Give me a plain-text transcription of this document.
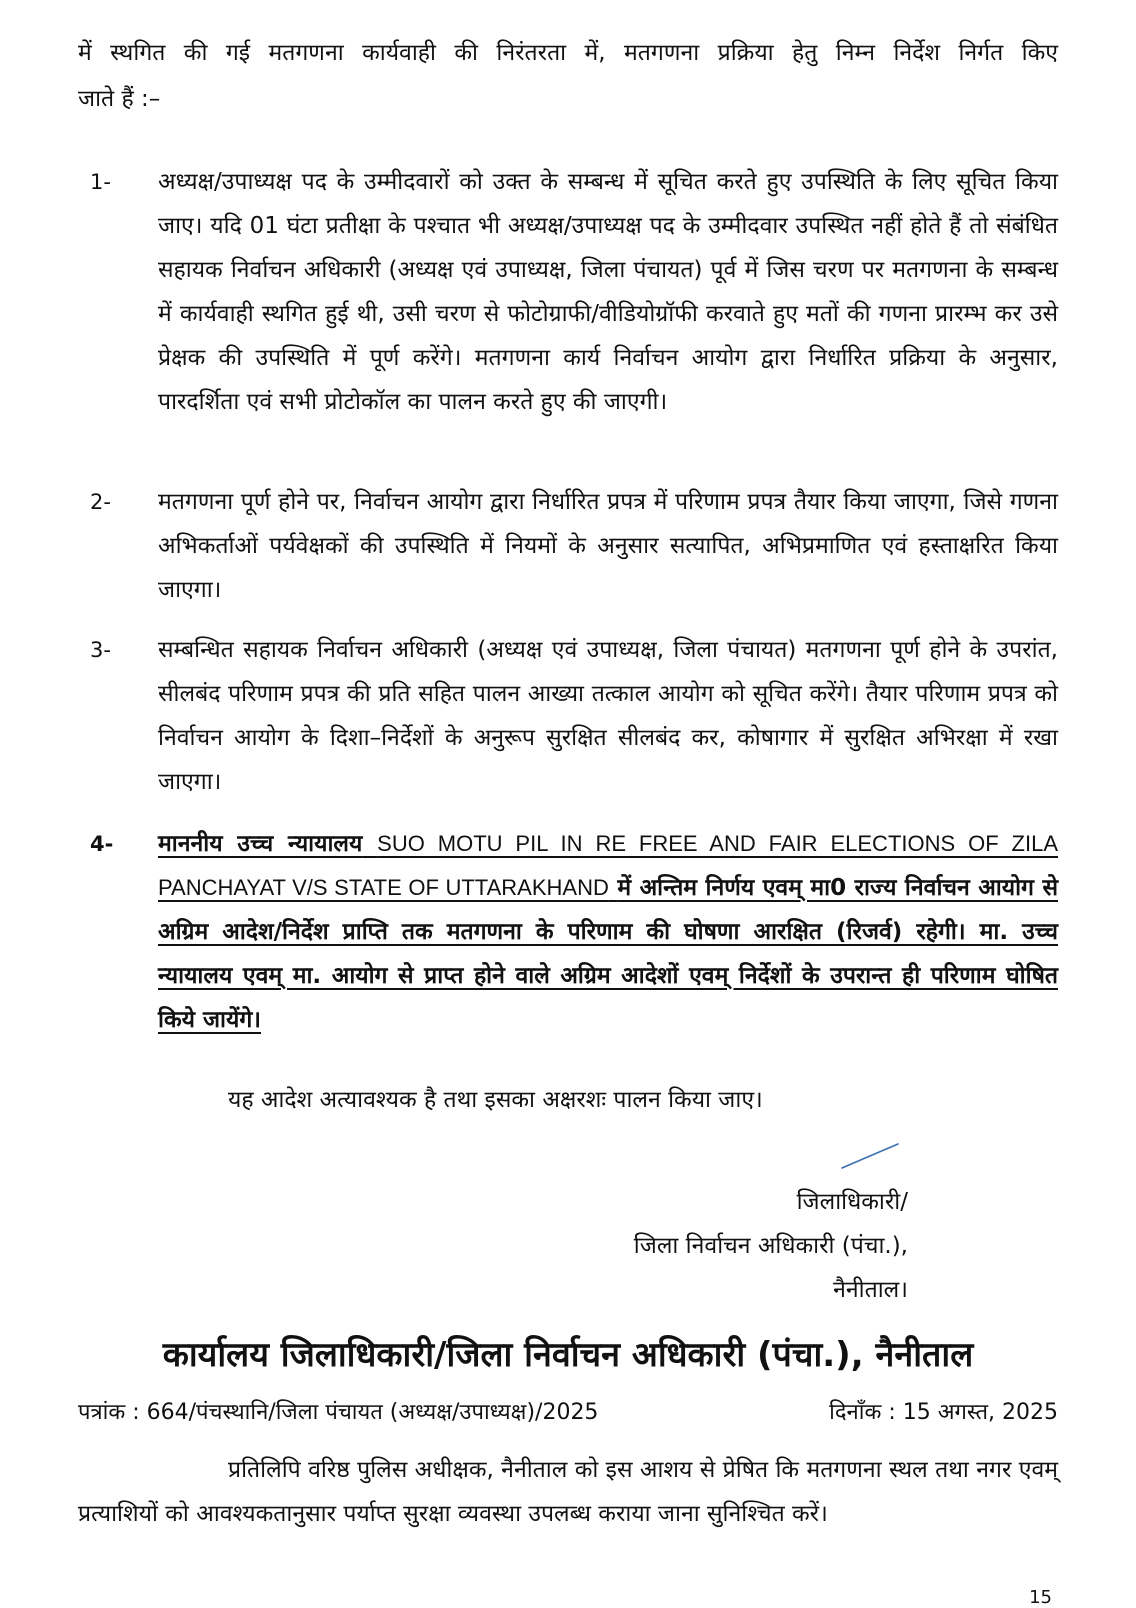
में स्थगित की गई मतगणना कार्यवाही की निरंतरता में, मतगणना प्रक्रिया हेतु निम्न निर्देश निर्गत किए
जाते हैं :–
1-	अध्यक्ष/उपाध्यक्ष पद के उम्मीदवारों को उक्त के सम्बन्ध में सूचित करते हुए उपस्थिति के लिए सूचित किया जाए। यदि 01 घंटा प्रतीक्षा के पश्चात भी अध्यक्ष/उपाध्यक्ष पद के उम्मीदवार उपस्थित नहीं होते हैं तो संबंधित सहायक निर्वाचन अधिकारी (अध्यक्ष एवं उपाध्यक्ष, जिला पंचायत) पूर्व में जिस चरण पर मतगणना के सम्बन्ध में कार्यवाही स्थगित हुई थी, उसी चरण से फोटोग्राफी/वीडियोग्रॉफी करवाते हुए मतों की गणना प्रारम्भ कर उसे प्रेक्षक की उपस्थिति में पूर्ण करेंगे। मतगणना कार्य निर्वाचन आयोग द्वारा निर्धारित प्रक्रिया के अनुसार, पारदर्शिता एवं सभी प्रोटोकॉल का पालन करते हुए की जाएगी।
2-	मतगणना पूर्ण होने पर, निर्वाचन आयोग द्वारा निर्धारित प्रपत्र में परिणाम प्रपत्र तैयार किया जाएगा, जिसे गणना अभिकर्ताओं पर्यवेक्षकों की उपस्थिति में नियमों के अनुसार सत्यापित, अभिप्रमाणित एवं हस्ताक्षरित किया जाएगा।
3-	सम्बन्धित सहायक निर्वाचन अधिकारी (अध्यक्ष एवं उपाध्यक्ष, जिला पंचायत) मतगणना पूर्ण होने के उपरांत, सीलबंद परिणाम प्रपत्र की प्रति सहित पालन आख्या तत्काल आयोग को सूचित करेंगे। तैयार परिणाम प्रपत्र को निर्वाचन आयोग के दिशा–निर्देशों के अनुरूप सुरक्षित सीलबंद कर, कोषागार में सुरक्षित अभिरक्षा में रखा जाएगा।
4-	माननीय उच्च न्यायालय SUO MOTU PIL IN RE FREE AND FAIR ELECTIONS OF ZILA PANCHAYAT V/S STATE OF UTTARAKHAND में अन्तिम निर्णय एवम् मा0 राज्य निर्वाचन आयोग से अग्रिम आदेश/निर्देश प्राप्ति तक मतगणना के परिणाम की घोषणा आरक्षित (रिजर्व) रहेगी। मा. उच्च न्यायालय एवम् मा. आयोग से प्राप्त होने वाले अग्रिम आदेशों एवम् निर्देशों के उपरान्त ही परिणाम घोषित किये जायेंगे।
यह आदेश अत्यावश्यक है तथा इसका अक्षरशः पालन किया जाए।
जिलाधिकारी/
जिला निर्वाचन अधिकारी (पंचा.),
नैनीताल।
कार्यालय जिलाधिकारी/जिला निर्वाचन अधिकारी (पंचा.), नैनीताल
पत्रांक : 664/पंचस्थानि/जिला पंचायत (अध्यक्ष/उपाध्यक्ष)/2025	दिनाँक : 15 अगस्त, 2025
प्रतिलिपि वरिष्ठ पुलिस अधीक्षक, नैनीताल को इस आशय से प्रेषित कि मतगणना स्थल तथा नगर एवम् प्रत्याशियों को आवश्यकतानुसार पर्याप्त सुरक्षा व्यवस्था उपलब्ध कराया जाना सुनिश्चित करें।
15
